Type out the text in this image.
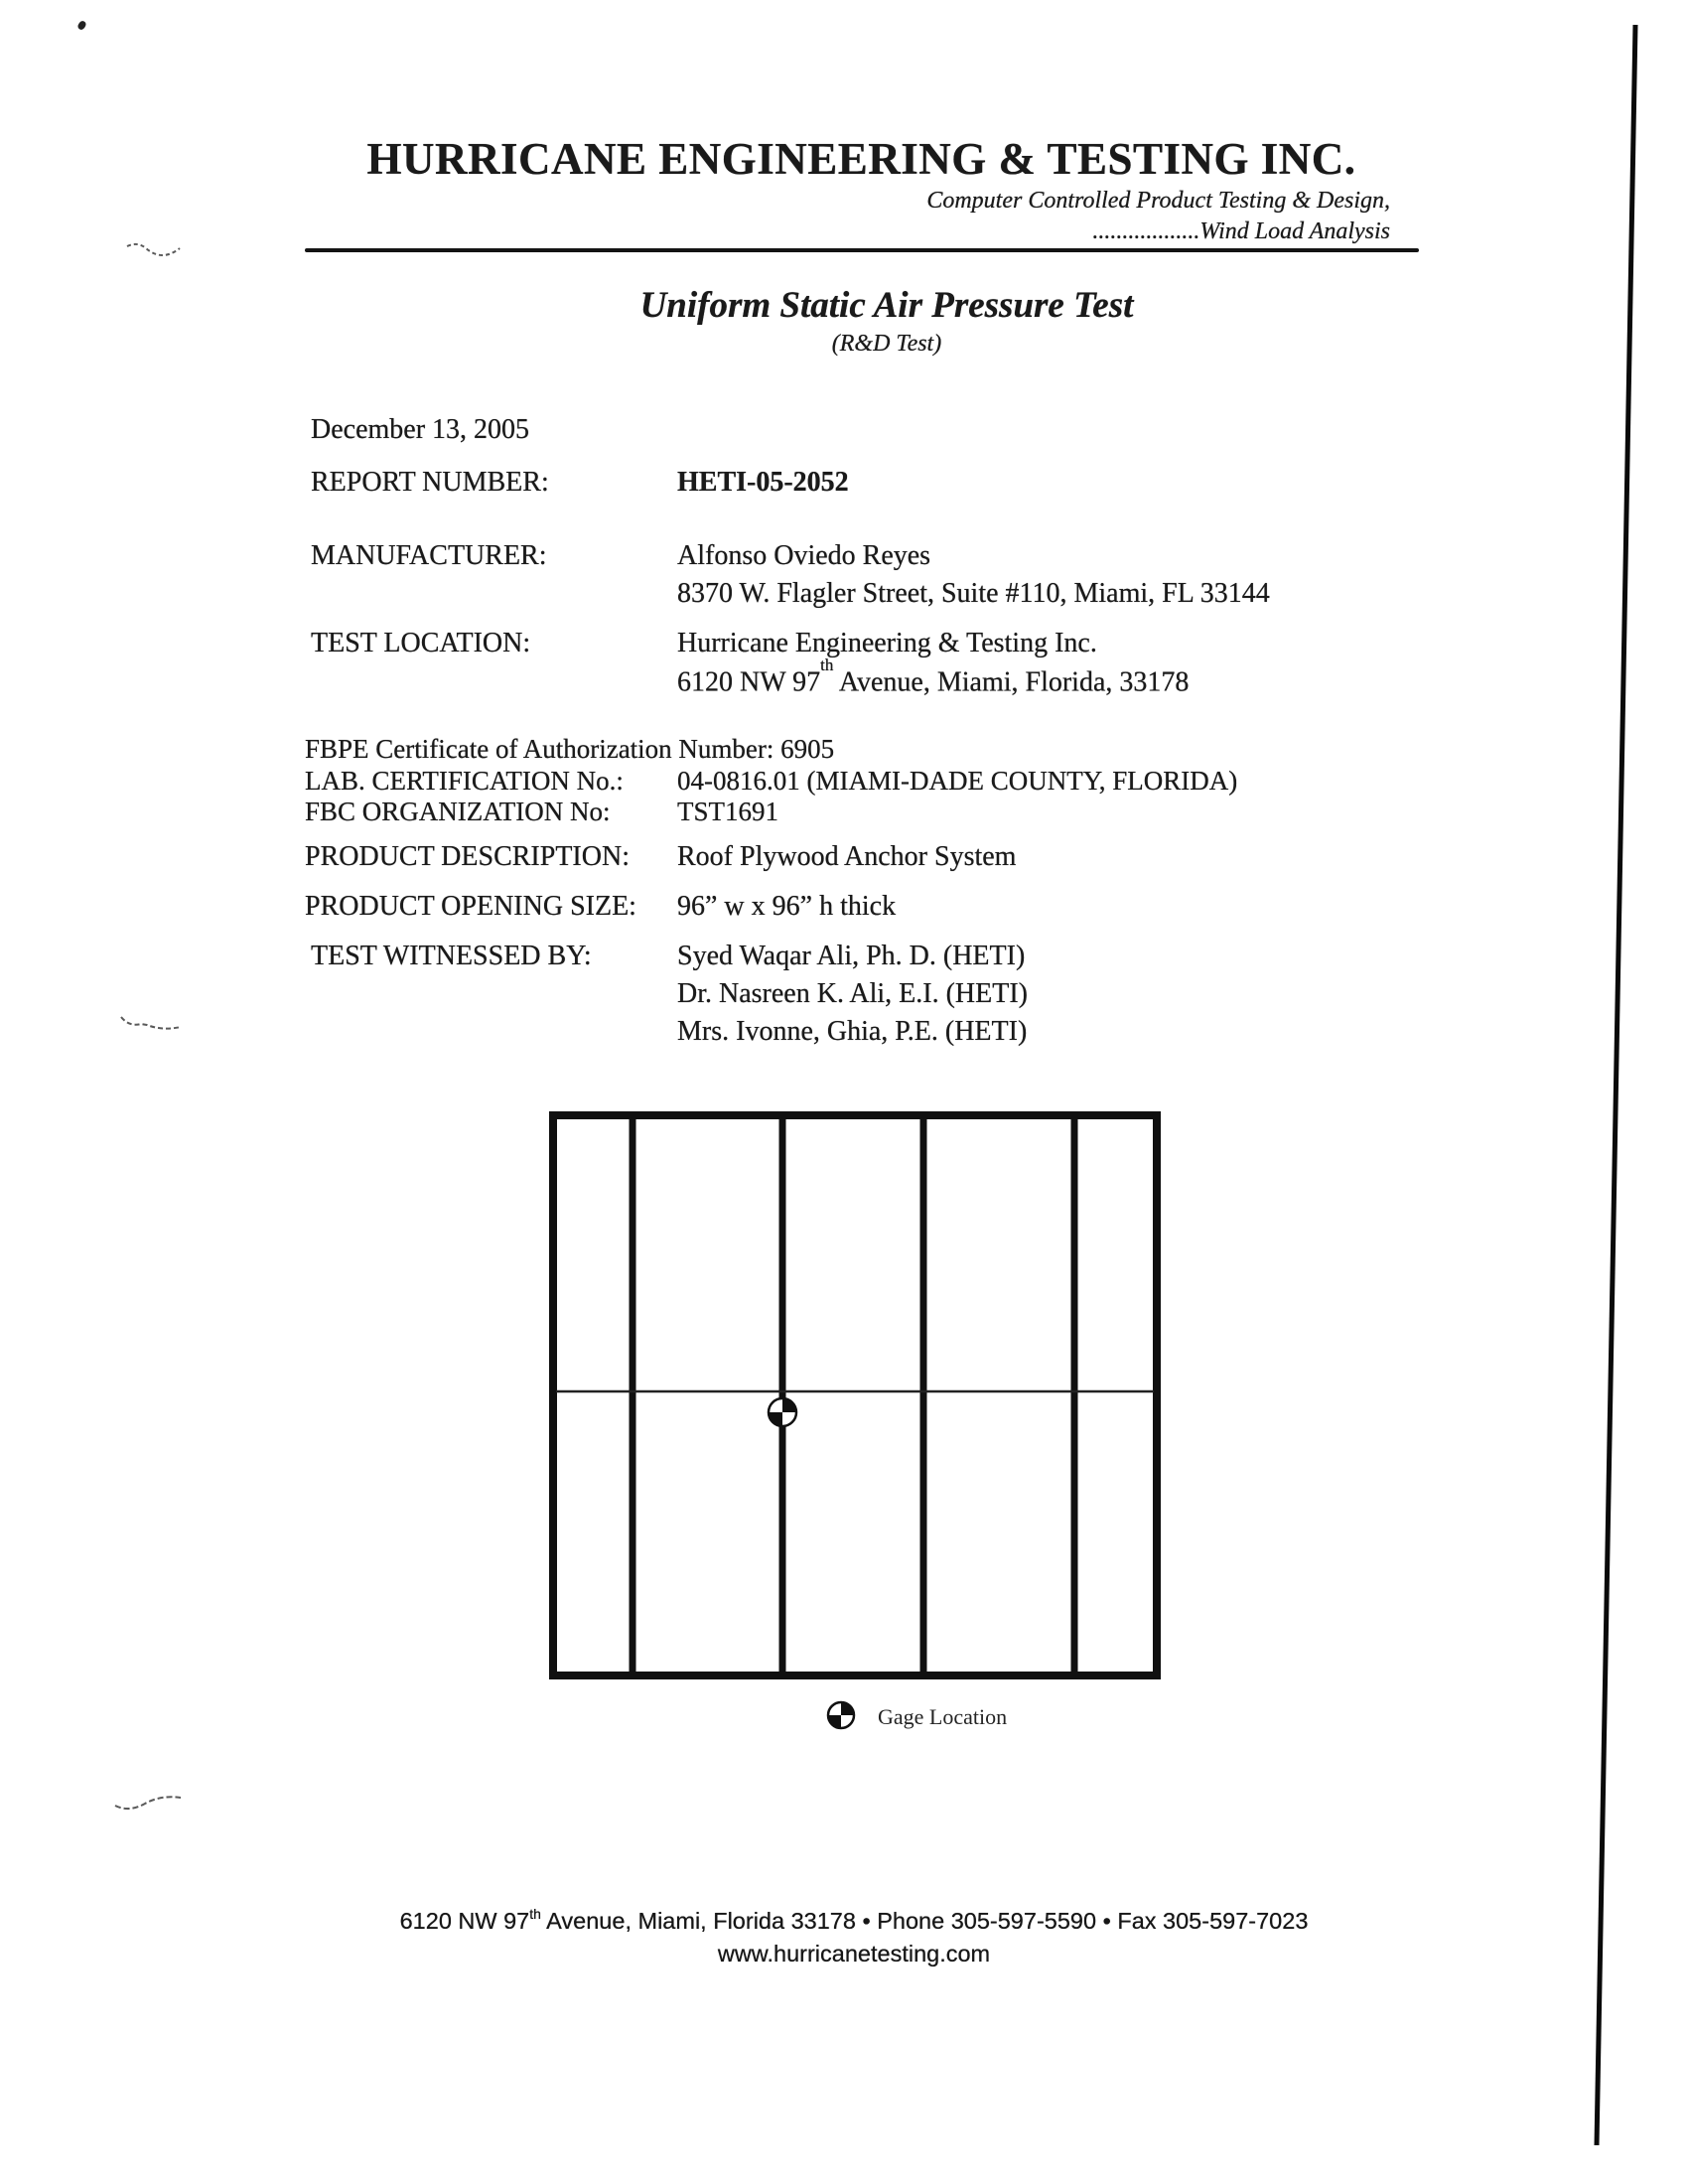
HURRICANE ENGINEERING & TESTING INC.
Computer Controlled Product Testing & Design,
..................Wind Load Analysis
Uniform Static Air Pressure Test
(R&D Test)
December 13, 2005
REPORT NUMBER:	HETI-05-2052
MANUFACTURER:	Alfonso Oviedo Reyes
8370 W. Flagler Street, Suite #110, Miami, FL 33144
TEST LOCATION:	Hurricane Engineering & Testing Inc.
6120 NW 97th Avenue, Miami, Florida, 33178
FBPE Certificate of Authorization Number: 6905
LAB. CERTIFICATION No.: 04-0816.01 (MIAMI-DADE COUNTY, FLORIDA)
FBC ORGANIZATION No: TST1691
PRODUCT DESCRIPTION: Roof Plywood Anchor System
PRODUCT OPENING SIZE: 96” w x 96” h thick
TEST WITNESSED BY:	Syed Waqar Ali, Ph. D. (HETI)
Dr. Nasreen K. Ali, E.I. (HETI)
Mrs. Ivonne, Ghia, P.E. (HETI)
Gage Location
6120 NW 97th Avenue, Miami, Florida 33178 • Phone 305-597-5590 • Fax 305-597-7023
www.hurricanetesting.com
